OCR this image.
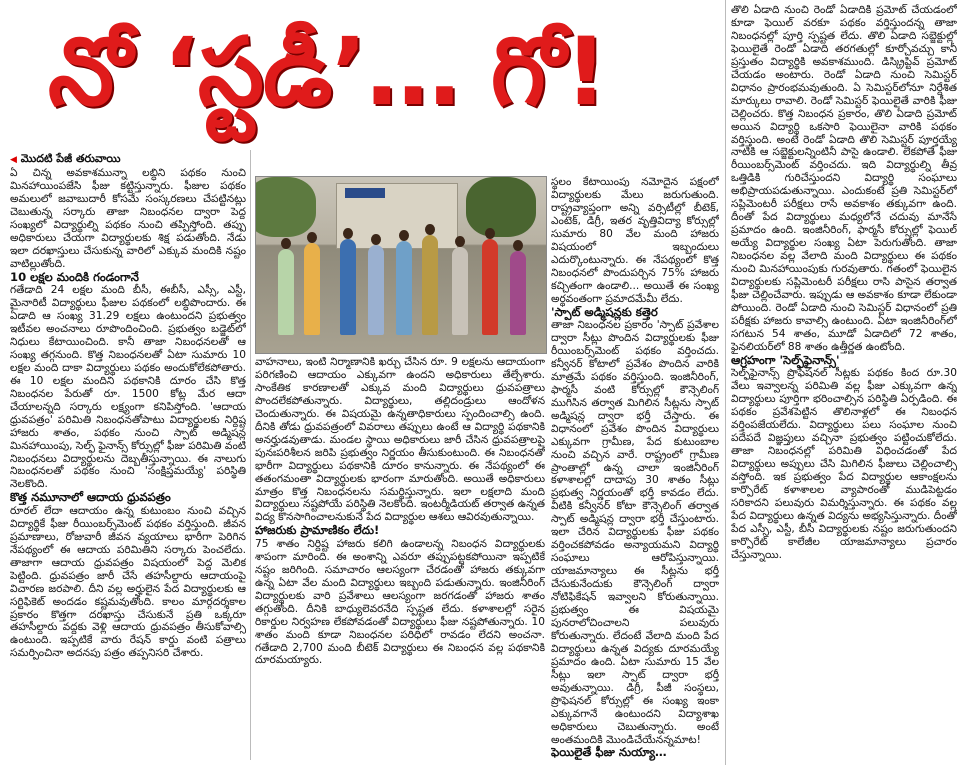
నో ‘స్టడీ’… గో!
◀ మొదటి పేజీ తరువాయి

ఏ చిన్న అవకాశమున్నా లబ్ధిని పథకం నుంచి మినహాయింపజేసి ఫీజు కట్టిస్తున్నారు. ఫీజుల పథకం అమలులో జవాబుదారీ కోసమే సంస్కరణలు చేపట్టినట్లు చెబుతున్న సర్కారు తాజా నిబంధనల ద్వారా పెద్ద సంఖ్యలో విద్యార్థుల్ని పథకం నుంచి తప్పిస్తోంది. తప్పు అధికారులు చేయగా విద్యార్థులకు శిక్ష పడుతోంది. నేడు ఇలా దరఖాస్తులు చేసుకున్న వారిలో ఎక్కువ మందికి నష్టం వాటిల్లుతోంది.

10 లక్షల మందికి గండంగానే

గతేడాది 24 లక్షల మంది బీసీ, ఈబీసీ, ఎస్సీ, ఎస్టీ, మైనారిటీ విద్యార్థులు ఫీజుల పథకంలో లబ్ధిపొందారు. ఈ ఏడాది ఆ సంఖ్య 31.29 లక్షలు ఉంటుందని ప్రభుత్వం ఇటీవల అంచనాలు రూపొందించింది. ప్రభుత్వం బడ్జెట్‌లో నిధులు కేటాయించింది. కానీ తాజా నిబంధనలతో ఆ సంఖ్య తగ్గనుంది. కొత్త నిబంధనలతో ఏటా సుమారు 10 లక్షల మంది దాకా విద్యార్థులు పథకం అందుకోలేకపోతారు. ఈ 10 లక్షల మందిని పథకానికి దూరం చేసి కొత్త నిబంధనల పేరుతో రూ. 1500 కోట్ల మేర ఆదా చేయాలన్నది సర్కారు లక్ష్యంగా కనిపిస్తోంది. 'ఆదాయ ధ్రువపత్రం' పరిమితి నిబంధనతోపాటు విద్యార్థులకు నిర్దిష్ట హాజరు శాతం, పథకం నుంచి స్పాట్ అడ్మిషన్ల మినహాయింపు, సెల్ఫ్ ఫైనాన్స్ కోర్సుల్లో ఫీజు పరిమితి వంటి నిబంధనలు విద్యార్థులను దెబ్బతీస్తున్నాయి. ఈ నాలుగు నిబంధనలతో పథకం నుంచి 'సంక్షిప్తమయ్యే' పరిస్థితి నెలకొంది.

కొత్త నమూనాలో ఆదాయ ధ్రువపత్రం

రూరల్ లేదా ఆదాయం ఉన్న కుటుంబం నుంచి వచ్చిన విద్యార్థికే ఫీజు రీయింబర్స్‌మెంట్ పథకం వర్తిస్తుంది. జీవన ప్రమాణాలు, రోజువారీ జీవన వ్యయాలు భారీగా పెరిగిన నేపథ్యంలో ఈ ఆదాయ పరిమితిని సర్కారు పెంచలేదు. తాజాగా ఆదాయ ధ్రువపత్రం విషయంలో పెద్ద మెలిక పెట్టింది. ధ్రువపత్రం జారీ చేసే తహసీల్దారు ఆదాయంపై విచారణ జరపాలి. దీని వల్ల అర్హులైన పేద విద్యార్థులకు ఆ సర్టిఫికెట్ అందడం కష్టమవుతోంది. కాలం మార్గదర్శకాల ప్రకారం కొత్తగా దరఖాస్తు చేసుకునే ప్రతి ఒక్కరూ తహసీల్దారు వద్దకు వెళ్లి ఆదాయ ధ్రువపత్రం తీసుకోవాల్సి ఉంటుంది. ఇప్పటికే వారు రేషన్ కార్డు వంటి పత్రాలు సమర్పించినా అదనపు పత్రం తప్పనిసరి చేశారు.

వాహనాలు, ఇంటి నిర్మాణానికి ఖర్చు చేసిన రూ. 9 లక్షలను ఆదాయంగా పరిగణించి ఆదాయం ఎక్కువగా ఉందని అధికారులు తేల్చేశారు. సాంకేతిక కారణాలతో ఎక్కువ మంది విద్యార్థులు ధ్రువపత్రాలు పొందలేకపోతున్నారు. విద్యార్థులు, తల్లిదండ్రులు ఆందోళన చెందుతున్నారు. ఈ విషయమై ఉన్నతాధికారులు స్పందించాల్సి ఉంది. దీనికి తోడు ధ్రువపత్రంలో వివరాలు తప్పులు ఉంటే ఆ విద్యార్థి పథకానికి అనర్హుడవుతాడు. మండల స్థాయి అధికారులు జారీ చేసిన ధ్రువపత్రాలపై పునఃపరిశీలన జరిపి ప్రభుత్వం నిర్ణయం తీసుకుంటుంది. ఈ నిబంధనతో భారీగా విద్యార్థులు పథకానికి దూరం కానున్నారు. ఈ నేపథ్యంలో ఈ తతంగమంతా విద్యార్థులకు భారంగా మారుతోంది. అయితే అధికారులు మాత్రం కొత్త నిబంధనలను సమర్థిస్తున్నారు. ఇలా లక్షలాది మంది విద్యార్థులు నష్టపోయే పరిస్థితి నెలకొంది. ఇంటర్మీడియట్ తర్వాత ఉన్నత విద్య కొనసాగించాలనుకునే పేద విద్యార్థుల ఆశలు ఆవిరవుతున్నాయి.

హాజరుకు ప్రామాణికం లేదు!

75 శాతం నిర్దిష్ట హాజరు కలిగి ఉండాలన్న నిబంధన విద్యార్థులకు శాపంగా మారింది. ఈ అంశాన్ని ఎవరూ తప్పుపట్టకపోయినా ఇప్పటికే నష్టం జరిగింది. సమాచారం ఆలస్యంగా చేరడంతో హాజరు తక్కువగా ఉన్న ఏటా వేల మంది విద్యార్థులు ఇబ్బంది పడుతున్నారు. ఇంజినీరింగ్ విద్యార్థులకు వారి ప్రవేశాలు ఆలస్యంగా జరగడంతో హాజరు శాతం తగ్గుతోంది. దీనికి బాధ్యులెవరనేది స్పష్టత లేదు. కళాశాలల్లో సరైన రికార్డుల నిర్వహణ లేకపోవడంతో విద్యార్థులు ఫీజు నష్టపోతున్నారు. 10 శాతం మంది కూడా నిబంధనల పరిధిలో రావడం లేదని అంచనా. గతేడాది 2,700 మంది బీటెక్ విద్యార్థులు ఈ నిబంధన వల్ల పథకానికి దూరమయ్యారు.

స్థలం కేటాయింపు నమోదైన పక్షంలో విద్యార్థులకు మేలు జరుగుతుంది. రాష్ట్రవ్యాప్తంగా అన్ని వర్సిటీల్లో బీటెక్, ఎంటెక్, డిగ్రీ, ఇతర వృత్తివిద్యా కోర్సుల్లో సుమారు 80 వేల మంది హాజరు విషయంలో ఇబ్బందులు ఎదుర్కొంటున్నారు. ఈ నేపథ్యంలో కొత్త నిబంధనలో పొందుపర్చిన 75% హాజరు కచ్చితంగా ఉండాలి... అయితే ఈ సంఖ్య అర్థవంతంగా ప్రమాదమేమీ లేదు.

'స్పాట్ అడ్మిషన్లకు కత్తెర

తాజా నిబంధనల ప్రకారం 'స్పాట్ ప్రవేశాల ద్వారా సీట్లు పొందిన విద్యార్థులకు ఫీజు రీయింబర్స్‌మెంట్ పథకం వర్తించదు. కన్వీనర్ కోటాలో ప్రవేశం పొందిన వారికి మాత్రమే పథకం వర్తిస్తుంది. ఇంజినీరింగ్, ఫార్మసీ వంటి కోర్సుల్లో కౌన్సెలింగ్ ముగిసిన తర్వాత మిగిలిన సీట్లను స్పాట్ అడ్మిషన్ల ద్వారా భర్తీ చేస్తారు. ఈ విధానంలో ప్రవేశం పొందిన విద్యార్థులు ఎక్కువగా గ్రామీణ, పేద కుటుంబాల నుంచి వచ్చిన వారే. రాష్ట్రంలో గ్రామీణ ప్రాంతాల్లో ఉన్న చాలా ఇంజినీరింగ్ కళాశాలల్లో దాదాపు 30 శాతం సీట్లు ప్రభుత్వ నిర్ణయంతో భర్తీ కావడం లేదు. వీటికి కన్వీనర్ కోటా కౌన్సెలింగ్ తర్వాత స్పాట్ అడ్మిషన్ల ద్వారా భర్తీ చేస్తుంటారు. ఇలా చేరిన విద్యార్థులకు ఫీజు పథకం వర్తించకపోవడం అన్యాయమని విద్యార్థి సంఘాలు ఆరోపిస్తున్నాయి. యాజమాన్యాలు ఈ సీట్లను భర్తీ చేసుకునేందుకు కౌన్సెలింగ్ ద్వారా నోటిఫికేషన్ ఇవ్వాలని కోరుతున్నాయి. ప్రభుత్వం ఈ విషయమై పునరాలోచించాలని పలువురు కోరుతున్నారు. లేదంటే వేలాది మంది పేద విద్యార్థులు ఉన్నత విద్యకు దూరమయ్యే ప్రమాదం ఉంది. ఏటా సుమారు 15 వేల సీట్లు ఇలా స్పాట్ ద్వారా భర్తీ అవుతున్నాయి. డిగ్రీ, పీజీ సంస్థలు, ప్రొఫెషనల్ కోర్సుల్లో ఈ సంఖ్య ఇంకా ఎక్కువగానే ఉంటుందని విద్యాశాఖ అధికారులు చెబుతున్నారు. అంటే అంతమందికి మొండిచేయేనన్నమాట!

ఫెయిలైతే ఫీజు నుయ్యా…

తొలి ఏడాది నుంచి రెండో ఏడాదికి ప్రమోట్ చేయడంలో కూడా ఫెయిల్ వరకూ పథకం వర్తిస్తుందన్న తాజా నిబంధనల్లో పూర్తి స్పష్టత లేదు. తొలి ఏడాది సబ్జెక్టుల్లో ఫెయిలైతే రెండో ఏడాది తరగతుల్లో కూర్చోవచ్చు కానీ ప్రస్తుతం విద్యార్థికి అవకాశముంది. డిస్క్రిప్టివ్ ప్రమోట్ చేయడం అంటారు. రెండో ఏడాది నుంచి సెమిస్టర్ విధానం ప్రారంభమవుతుంది. ఏ సెమిస్టర్‌లోనూ నిర్దేశిత మార్కులు రావాలి. రెండో సెమిస్టర్ ఫెయిలైతే వారికి ఫీజు చెల్లించరు. కొత్త నిబంధన ప్రకారం, తొలి ఏడాది ప్రమోట్ అయిన విద్యార్థి ఒకసారి ఫెయిలైనా వారికి పథకం వర్తిస్తుంది. అంటే రెండో ఏడాది తొలి సెమిస్టర్ పూర్తయ్యే నాటికి ఆ సబ్జెక్టులన్నింటినీ పాసై ఉండాలి. లేకపోతే ఫీజు రీయింబర్స్‌మెంట్ వర్తించదు. ఇది విద్యార్థుల్ని తీవ్ర ఒత్తిడికి గురిచేస్తుందని విద్యార్థి సంఘాలు అభిప్రాయపడుతున్నాయి. ఎందుకంటే ప్రతి సెమిస్టర్‌లో సప్లిమెంటరీ పరీక్షలు రాసే అవకాశం తక్కువగా ఉంది. దీంతో పేద విద్యార్థులు మధ్యలోనే చదువు మానేసే ప్రమాదం ఉంది. ఇంజినీరింగ్, ఫార్మసీ కోర్సుల్లో ఫెయిల్ అయ్యే విద్యార్థుల సంఖ్య ఏటా పెరుగుతోంది. తాజా నిబంధనల వల్ల వేలాది మంది విద్యార్థులు ఈ పథకం నుంచి మినహాయింపుకు గురవుతారు. గతంలో ఫెయిలైన విద్యార్థులకు సప్లిమెంటరీ పరీక్షలు రాసి పాసైన తర్వాత ఫీజు చెల్లించేవారు. ఇప్పుడు ఆ అవకాశం కూడా లేకుండా పోయింది. రెండో ఏడాది నుంచి సెమిస్టర్ విధానంలో ప్రతి పరీక్షకు హాజరు కావాల్సి ఉంటుంది. ఏటా ఇంజినీరింగ్‌లో సగటున 54 శాతం, మూడో ఏడాదిలో 72 శాతం, ఫైనలియర్‌లో 88 శాతం ఉత్తీర్ణత ఉంటోంది.

ఆగ్రహంగా 'సెల్ఫ్‌ఫైనాన్స్'

సెల్ఫ్‌ఫైనాన్స్ ప్రొఫెషనల్ సీట్లకు పథకం కింద రూ.30 వేలు ఇవ్వాలన్న పరిమితి వల్ల ఫీజు ఎక్కువగా ఉన్న విద్యార్థులు పూర్తిగా భరించాల్సిన పరిస్థితి ఏర్పడింది. ఈ పథకం ప్రవేశపెట్టిన తొలినాళ్లలో ఈ నిబంధన వర్తింపజేయలేదు. విద్యార్థులు పలు సంఘాల నుంచి పదేపదే విజ్ఞప్తులు వచ్చినా ప్రభుత్వం పట్టించుకోలేదు. తాజా నిబంధనల్లో పరిమితి విధించడంతో పేద విద్యార్థులు అప్పులు చేసి మిగిలిన ఫీజులు చెల్లించాల్సి వస్తోంది. ఇక ప్రభుత్వం పేద విద్యార్థుల ఆకాంక్షలను కార్పొరేట్ కళాశాలల వ్యాపారంతో ముడిపెట్టడం సరికాదని పలువురు విమర్శిస్తున్నారు. ఈ పథకం వల్ల పేద విద్యార్థులు ఉన్నత విద్యను అభ్యసిస్తున్నారు. దీంతో పేద ఎస్సీ, ఎస్టీ, బీసీ విద్యార్థులకు నష్టం జరుగుతుందని కార్పొరేట్ కాలేజీల యాజమాన్యాలు ప్రచారం చేస్తున్నాయి.
